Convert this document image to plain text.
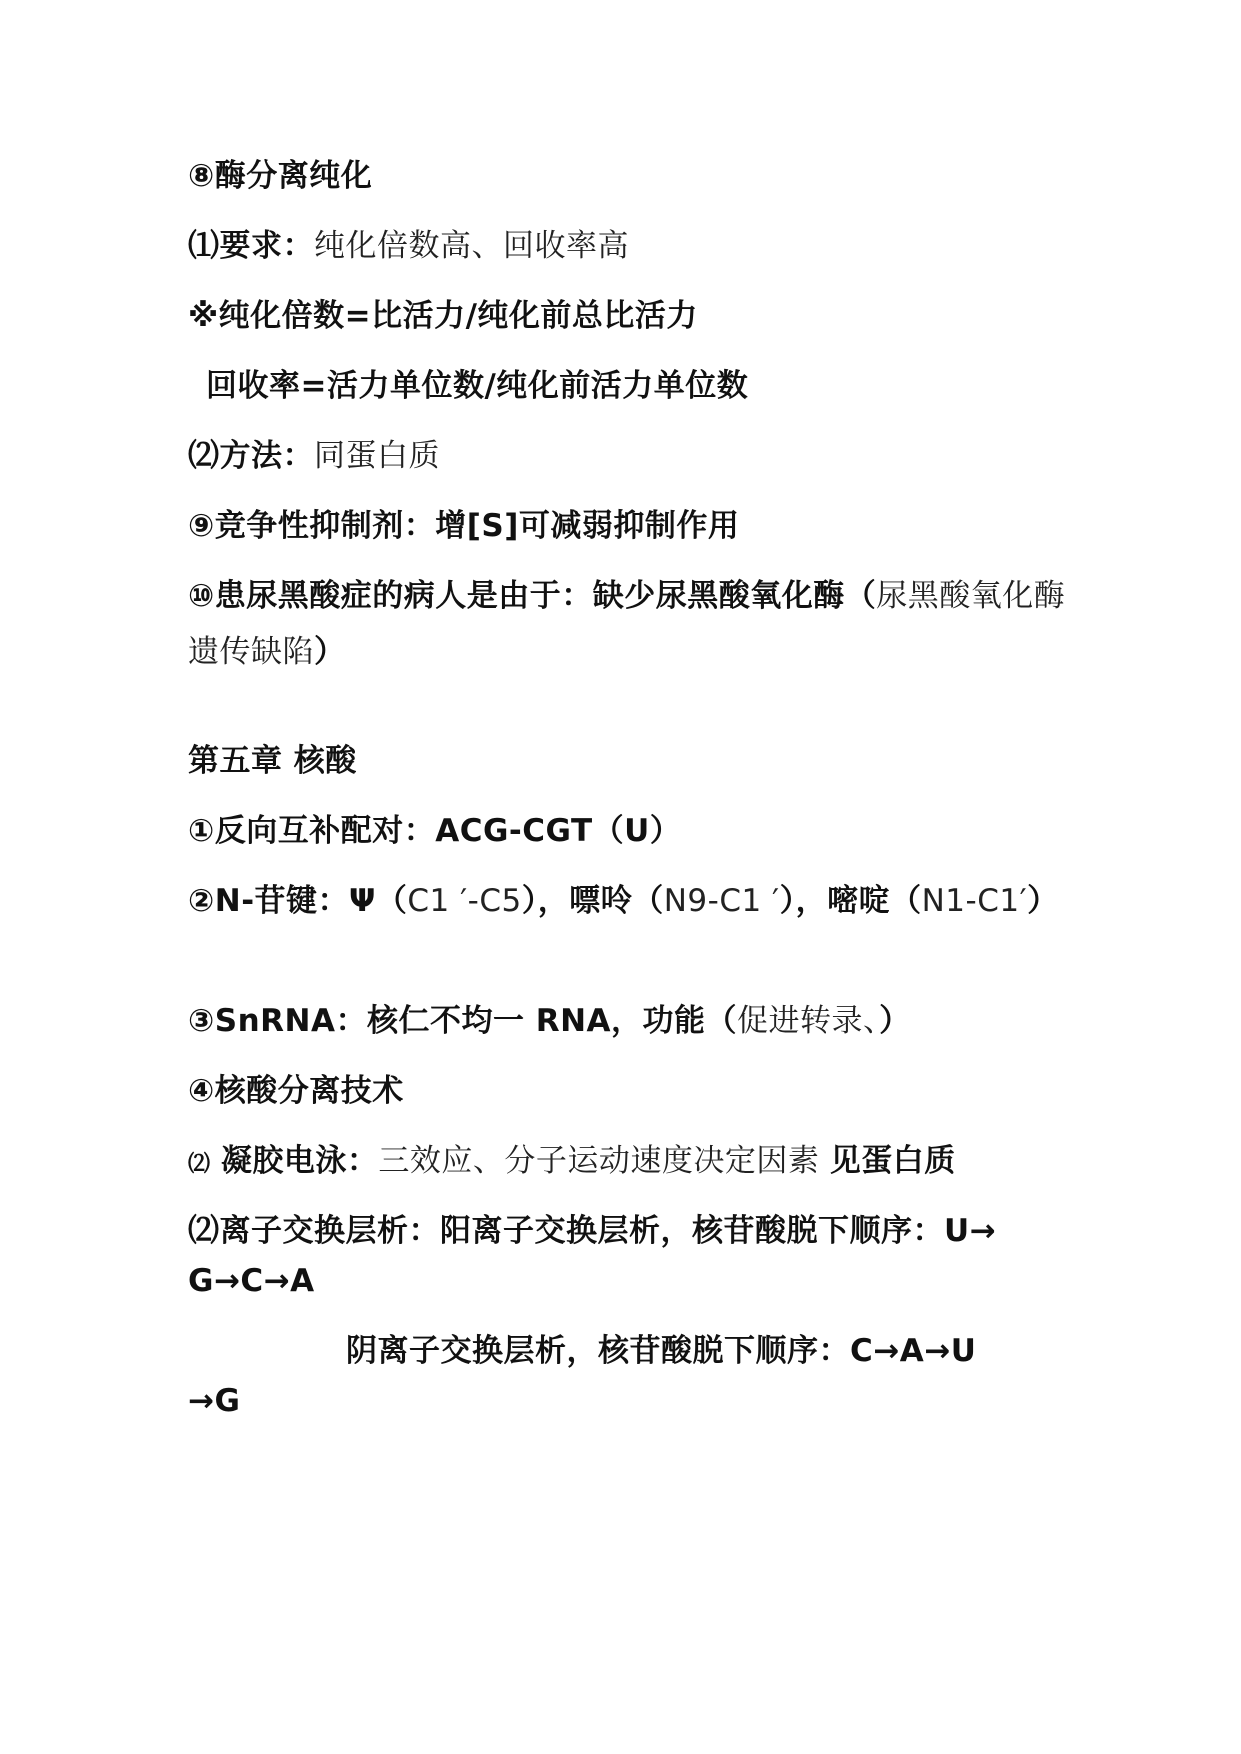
⑧酶分离纯化
⑴要求：纯化倍数高、回收率高
※纯化倍数=比活力/纯化前总比活力
回收率=活力单位数/纯化前活力单位数
⑵方法：同蛋白质
⑨竞争性抑制剂：增[S]可减弱抑制作用
⑩患尿黑酸症的病人是由于：缺少尿黑酸氧化酶（尿黑酸氧化酶遗传缺陷）
第五章 核酸
①反向互补配对：ACG-CGT（U）
②N-苷键：Ψ（C1 ′-C5），嘌呤（N9-C1 ′），嘧啶（N1-C1′）
③SnRNA：核仁不均一 RNA，功能（促进转录、）
④核酸分离技术
⑵ 凝胶电泳：三效应、分子运动速度决定因素 见蛋白质
⑵离子交换层析：阳离子交换层析，核苷酸脱下顺序：U→
G→C→A
阴离子交换层析，核苷酸脱下顺序：C→A→U
→G
